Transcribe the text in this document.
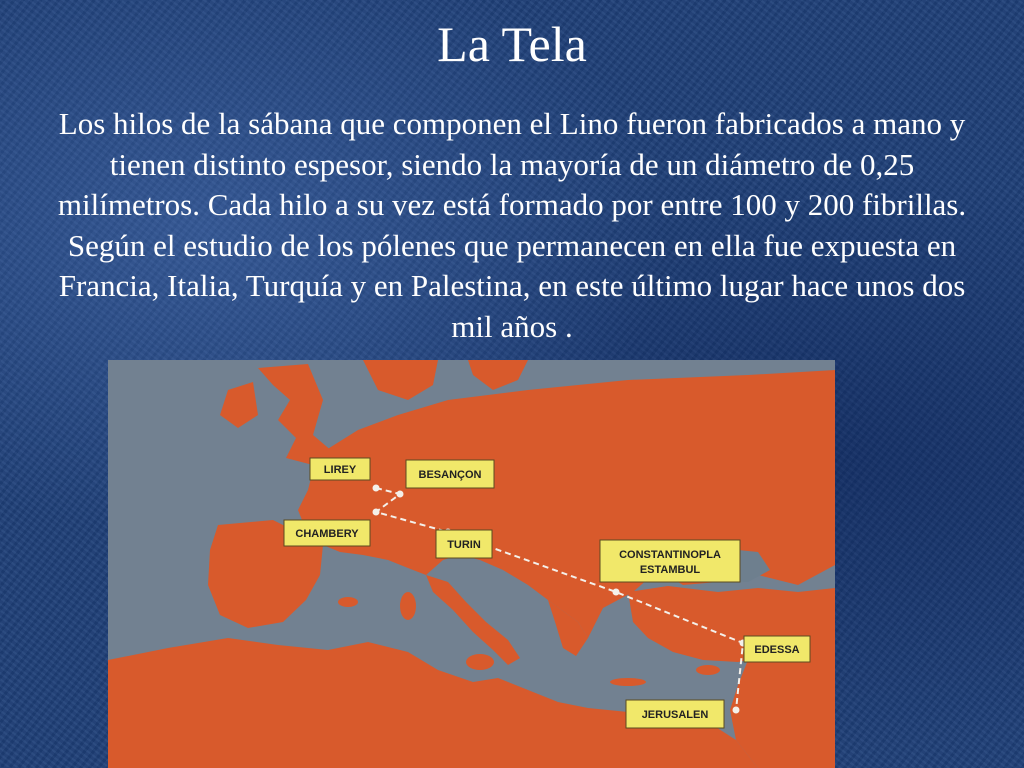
La Tela
Los hilos de la sábana que componen el Lino fueron fabricados a mano y tienen distinto espesor, siendo la mayoría de un diámetro de 0,25 milímetros. Cada hilo a su vez está formado por entre 100 y 200 fibrillas. Según el estudio de los pólenes que permanecen en ella fue expuesta en Francia, Italia, Turquía y en Palestina, en este último lugar hace unos dos mil años .
LIREY	BESANÇON
CHAMBERY
TURIN
CONSTANTINOPLA
ESTAMBUL
EDESSA
JERUSALEN
